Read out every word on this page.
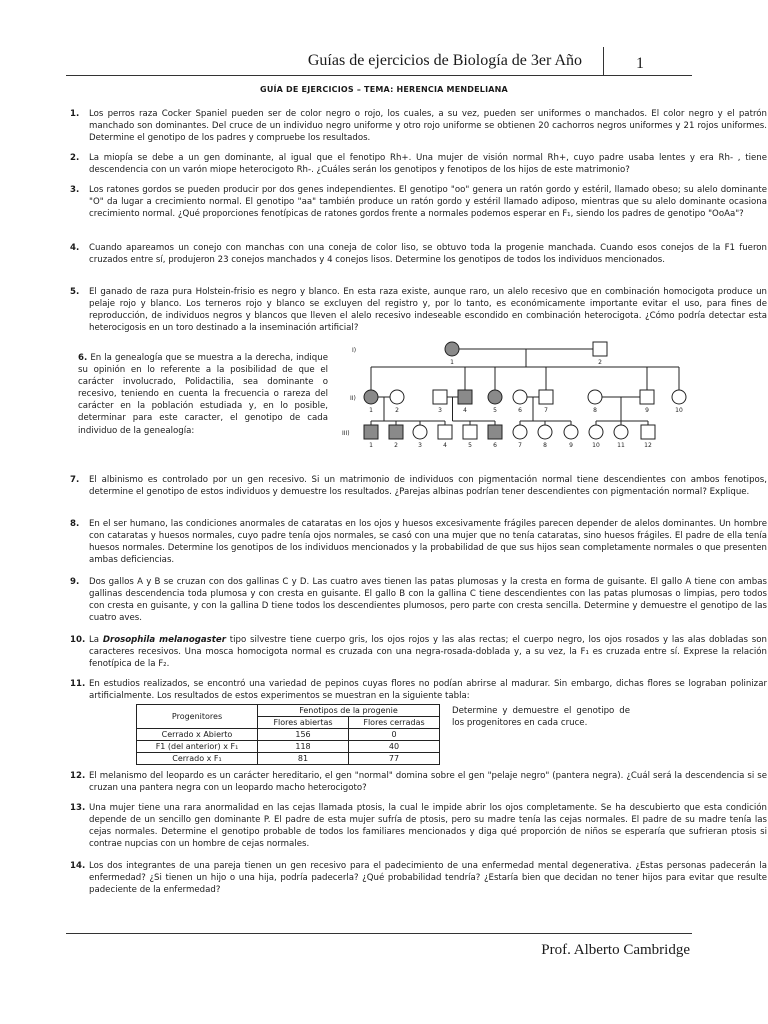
Guías de ejercicios de Biología de 3er Año	1
GUÍA DE EJERCICIOS – TEMA: HERENCIA MENDELIANA
1. Los perros raza Cocker Spaniel pueden ser de color negro o rojo, los cuales, a su vez, pueden ser uniformes o manchados. El color negro y el patrón manchado son dominantes. Del cruce de un individuo negro uniforme y otro rojo uniforme se obtienen 20 cachorros negros uniformes y 21 rojos uniformes. Determine el genotipo de los padres y compruebe los resultados.
2. La miopía se debe a un gen dominante, al igual que el fenotipo Rh+. Una mujer de visión normal Rh+, cuyo padre usaba lentes y era Rh- , tiene descendencia con un varón miope heterocigoto Rh-. ¿Cuáles serán los genotipos y fenotipos de los hijos de este matrimonio?
3. Los ratones gordos se pueden producir por dos genes independientes. El genotipo "oo" genera un ratón gordo y estéril, llamado obeso; su alelo dominante "O" da lugar a crecimiento normal. El genotipo "aa" también produce un ratón gordo y estéril llamado adiposo, mientras que su alelo dominante ocasiona crecimiento normal. ¿Qué proporciones fenotípicas de ratones gordos frente a normales podemos esperar en F₁, siendo los padres de genotipo "OoAa"?
4. Cuando apareamos un conejo con manchas con una coneja de color liso, se obtuvo toda la progenie manchada. Cuando esos conejos de la F1 fueron cruzados entre sí, produjeron 23 conejos manchados y 4 conejos lisos. Determine los genotipos de todos los individuos mencionados.
5. El ganado de raza pura Holstein-frisio es negro y blanco. En esta raza existe, aunque raro, un alelo recesivo que en combinación homocigota produce un pelaje rojo y blanco. Los terneros rojo y blanco se excluyen del registro y, por lo tanto, es económicamente importante evitar el uso, para fines de reproducción, de individuos negros y blancos que lleven el alelo recesivo indeseable escondido en combinación heterocigota. ¿Cómo podría detectar esta heterocigosis en un toro destinado a la inseminación artificial?
6. En la genealogía que se muestra a la derecha, indique su opinión en lo referente a la posibilidad de que el carácter involucrado, Polidactilia, sea dominante o recesivo, teniendo en cuenta la frecuencia o rareza del carácter en la población estudiada y, en lo posible, determinar para este caracter, el genotipo de cada individuo de la genealogía:
I)
II)
III)
1	2
1	2	3	4	5	6	7	8	9	10
1	2	3	4	5	6	7	8	9	10	11	12
7. El albinismo es controlado por un gen recesivo. Si un matrimonio de individuos con pigmentación normal tiene descendientes con ambos fenotipos, determine el genotipo de estos individuos y demuestre los resultados. ¿Parejas albinas podrían tener descendientes con pigmentación normal? Explique.
8. En el ser humano, las condiciones anormales de cataratas en los ojos y huesos excesivamente frágiles parecen depender de alelos dominantes. Un hombre con cataratas y huesos normales, cuyo padre tenía ojos normales, se casó con una mujer que no tenía cataratas, sino huesos frágiles. El padre de ella tenía huesos normales. Determine los genotipos de los individuos mencionados y la probabilidad de que sus hijos sean completamente normales o que presenten ambas deficiencias.
9. Dos gallos A y B se cruzan con dos gallinas C y D. Las cuatro aves tienen las patas plumosas y la cresta en forma de guisante. El gallo A tiene con ambas gallinas descendencia toda plumosa y con cresta en guisante. El gallo B con la gallina C tiene descendientes con las patas plumosas o limpias, pero todos con cresta en guisante, y con la gallina D tiene todos los descendientes plumosos, pero parte con cresta sencilla. Determine y demuestre el genotipo de las cuatro aves.
10. La Drosophila melanogaster tipo silvestre tiene cuerpo gris, los ojos rojos y las alas rectas; el cuerpo negro, los ojos rosados y las alas dobladas son caracteres recesivos. Una mosca homocigota normal es cruzada con una negra-rosada-doblada y, a su vez, la F₁ es cruzada entre sí. Exprese la relación fenotípica de la F₂.
11. En estudios realizados, se encontró una variedad de pepinos cuyas flores no podían abrirse al madurar. Sin embargo, dichas flores se lograban polinizar artificialmente. Los resultados de estos experimentos se muestran en la siguiente tabla:
Progenitores	Fenotipos de la progenie	
	Flores abiertas	Flores cerradas
Cerrado x Abierto	156	0
F1 (del anterior) x F₁	118	40
Cerrado x F₁	81	77
Determine y demuestre el genotipo de los progenitores en cada cruce.
12. El melanismo del leopardo es un carácter hereditario, el gen "normal" domina sobre el gen "pelaje negro" (pantera negra). ¿Cuál será la descendencia si se cruzan una pantera negra con un leopardo macho heterocigoto?
13. Una mujer tiene una rara anormalidad en las cejas llamada ptosis, la cual le impide abrir los ojos completamente. Se ha descubierto que esta condición depende de un sencillo gen dominante P. El padre de esta mujer sufría de ptosis, pero su madre tenía las cejas normales. El padre de su madre tenía las cejas normales. Determine el genotipo probable de todos los familiares mencionados y diga qué proporción de niños se esperaría que sufrieran ptosis si contrae nupcias con un hombre de cejas normales.
14. Los dos integrantes de una pareja tienen un gen recesivo para el padecimiento de una enfermedad mental degenerativa. ¿Estas personas padecerán la enfermedad? ¿Si tienen un hijo o una hija, podría padecerla? ¿Qué probabilidad tendría? ¿Estaría bien que decidan no tener hijos para evitar que resulte padeciente de la enfermedad?
Prof. Alberto Cambridge
